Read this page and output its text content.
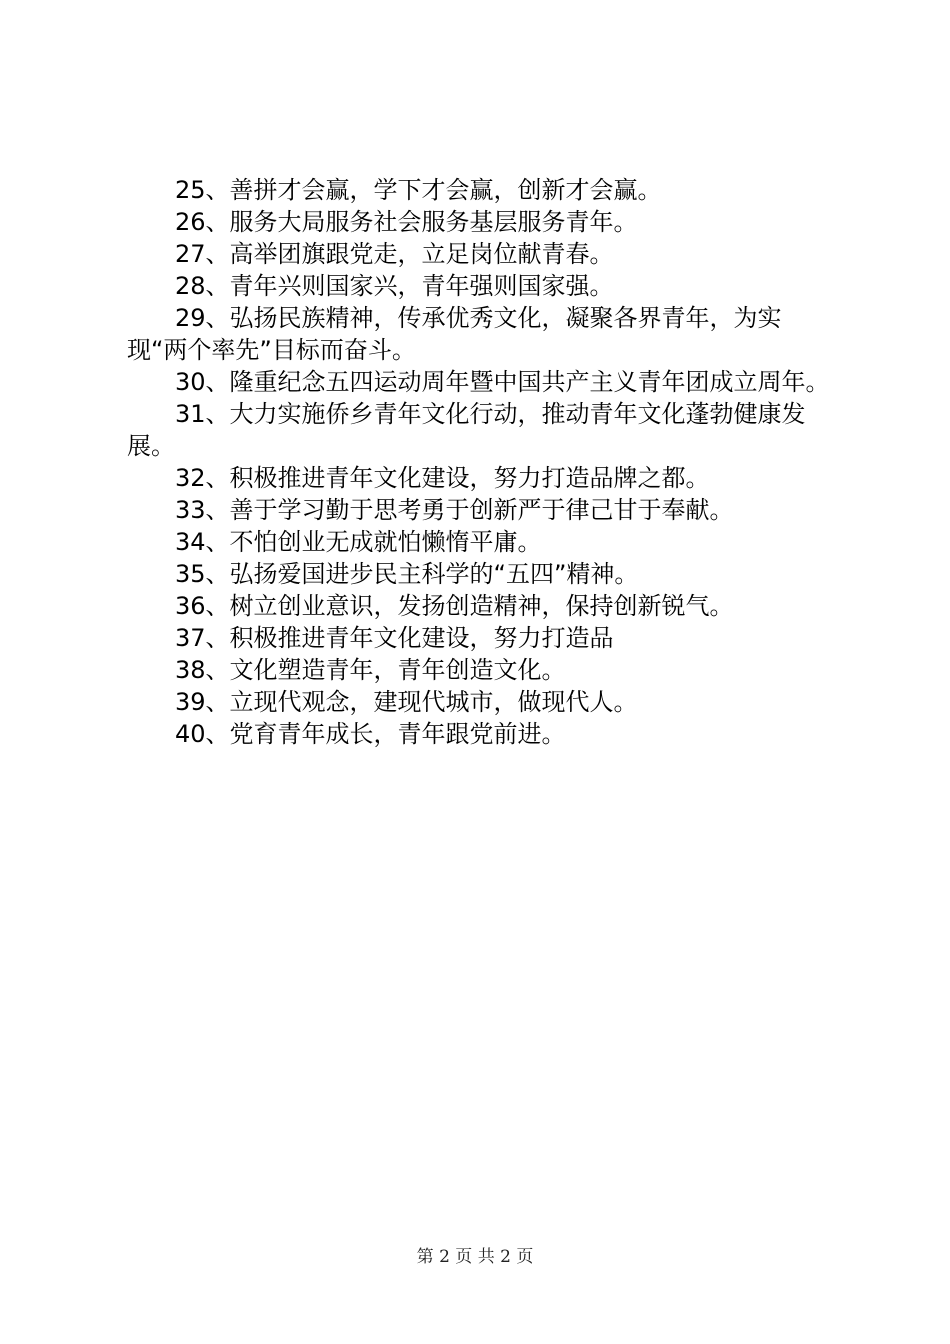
25、善拼才会赢，学下才会赢，创新才会赢。

26、服务大局服务社会服务基层服务青年。

27、高举团旗跟党走，立足岗位献青春。

28、青年兴则国家兴，青年强则国家强。

29、弘扬民族精神，传承优秀文化，凝聚各界青年，为实现“两个率先”目标而奋斗。

30、隆重纪念五四运动周年暨中国共产主义青年团成立周年。

31、大力实施侨乡青年文化行动，推动青年文化蓬勃健康发展。

32、积极推进青年文化建设，努力打造品牌之都。

33、善于学习勤于思考勇于创新严于律己甘于奉献。

34、不怕创业无成就怕懒惰平庸。

35、弘扬爱国进步民主科学的“五四”精神。

36、树立创业意识，发扬创造精神，保持创新锐气。

37、积极推进青年文化建设，努力打造品

38、文化塑造青年，青年创造文化。

39、立现代观念，建现代城市，做现代人。

40、党育青年成长，青年跟党前进。

第 2 页 共 2 页
